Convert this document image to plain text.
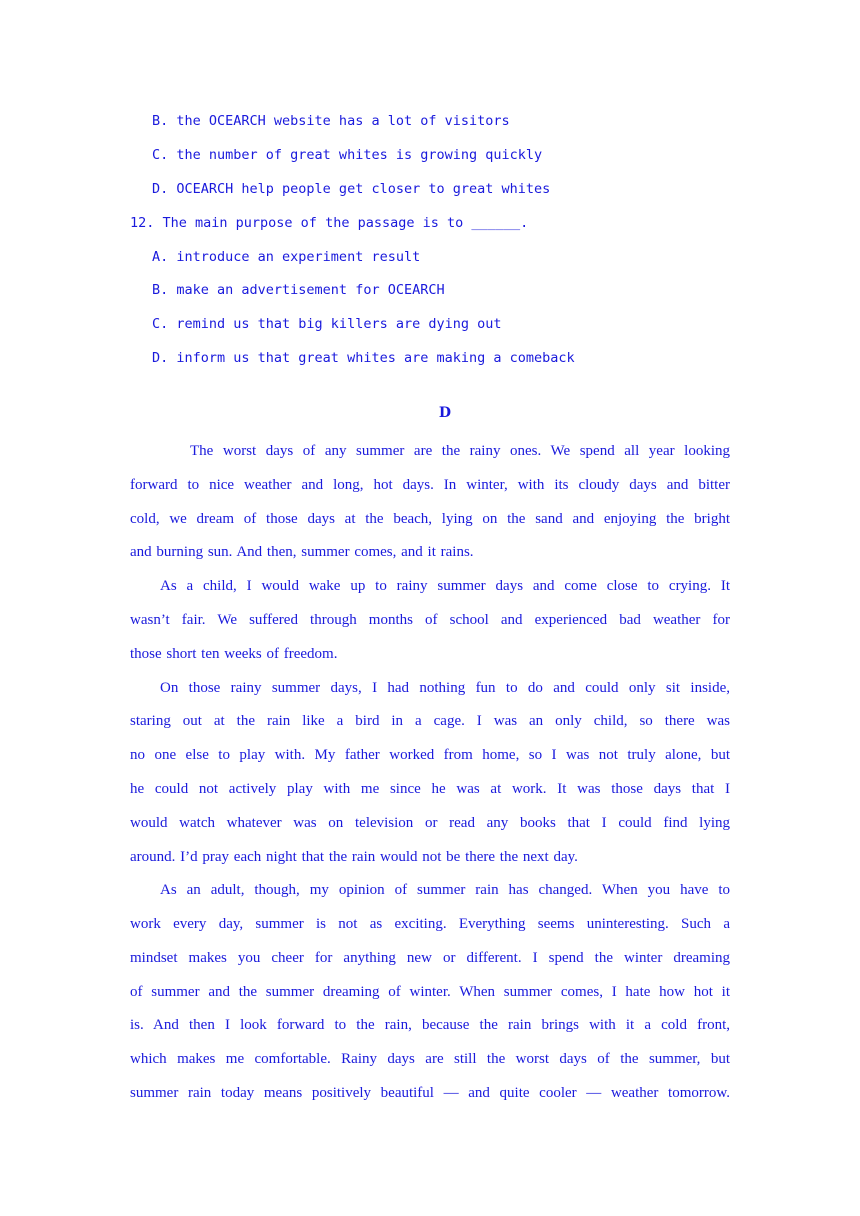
B. the OCEARCH website has a lot of visitors
C. the number of great whites is growing quickly
D. OCEARCH help people get closer to great whites
12. The main purpose of the passage is to ______.
A. introduce an experiment result
B. make an advertisement for OCEARCH
C. remind us that big killers are dying out
D. inform us that great whites are making a comeback
D
The worst days of any summer are the rainy ones. We spend all year looking
forward to nice weather and long, hot days. In winter, with its cloudy days and bitter
cold, we dream of those days at the beach, lying on the sand and enjoying the bright
and burning sun. And then, summer comes, and it rains.
As a child, I would wake up to rainy summer days and come close to crying. It
wasn’t fair. We suffered through months of school and experienced bad weather for
those short ten weeks of freedom.
On those rainy summer days, I had nothing fun to do and could only sit inside,
staring out at the rain like a bird in a cage. I was an only child, so there was
no one else to play with. My father worked from home, so I was not truly alone, but
he could not actively play with me since he was at work. It was those days that I
would watch whatever was on television or read any books that I could find lying
around. I’d pray each night that the rain would not be there the next day.
As an adult, though, my opinion of summer rain has changed. When you have to
work every day, summer is not as exciting. Everything seems uninteresting. Such a
mindset makes you cheer for anything new or different. I spend the winter dreaming
of summer and the summer dreaming of winter. When summer comes, I hate how hot it
is. And then I look forward to the rain, because the rain brings with it a cold front,
which makes me comfortable. Rainy days are still the worst days of the summer, but
summer rain today means positively beautiful — and quite cooler — weather tomorrow.
